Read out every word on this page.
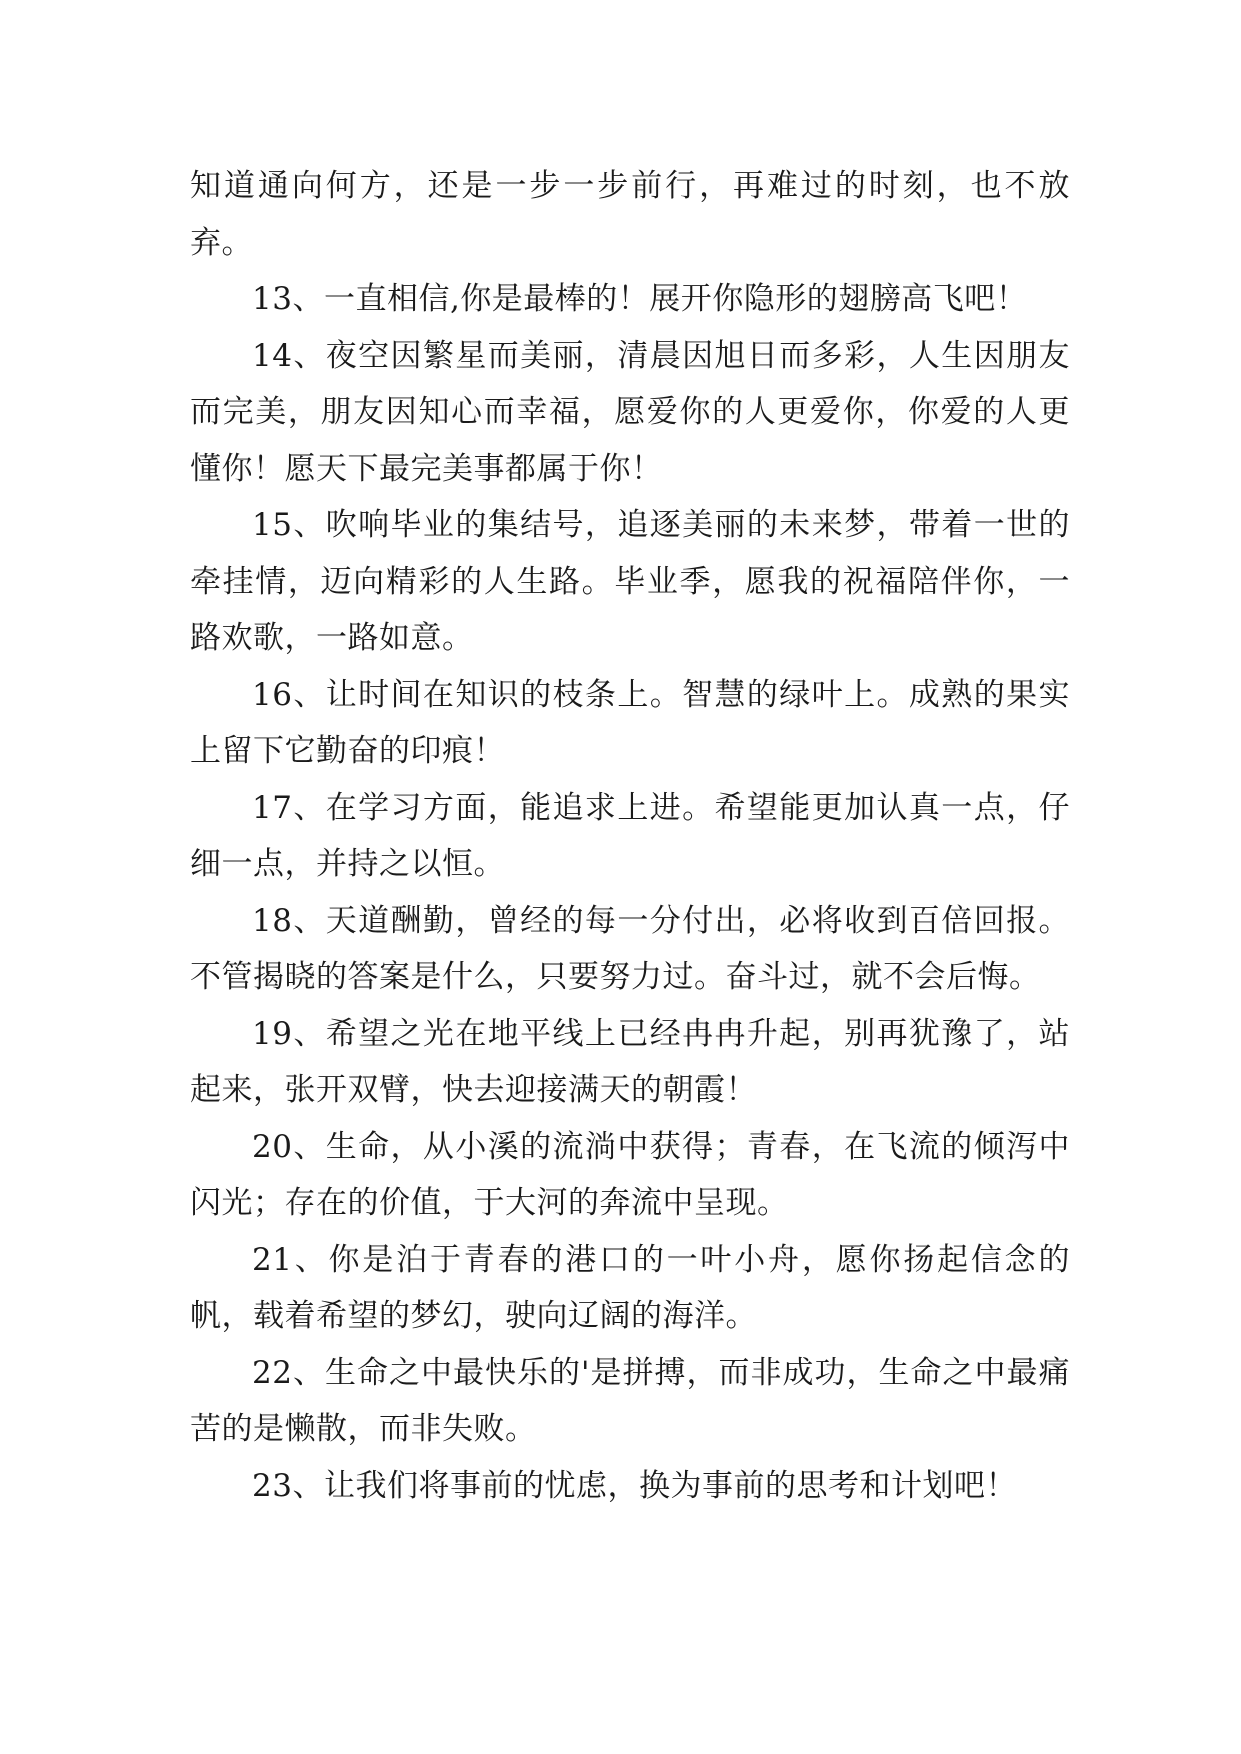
知道通向何方，还是一步一步前行，再难过的时刻，也不放弃。

13、一直相信,你是最棒的！展开你隐形的翅膀高飞吧！

14、夜空因繁星而美丽，清晨因旭日而多彩，人生因朋友而完美，朋友因知心而幸福，愿爱你的人更爱你，你爱的人更懂你！愿天下最完美事都属于你！

15、吹响毕业的集结号，追逐美丽的未来梦，带着一世的牵挂情，迈向精彩的人生路。毕业季，愿我的祝福陪伴你，一路欢歌，一路如意。

16、让时间在知识的枝条上。智慧的绿叶上。成熟的果实上留下它勤奋的印痕！

17、在学习方面，能追求上进。希望能更加认真一点，仔细一点，并持之以恒。

18、天道酬勤，曾经的每一分付出，必将收到百倍回报。不管揭晓的答案是什么，只要努力过。奋斗过，就不会后悔。

19、希望之光在地平线上已经冉冉升起，别再犹豫了，站起来，张开双臂，快去迎接满天的朝霞！

20、生命，从小溪的流淌中获得；青春，在飞流的倾泻中闪光；存在的价值，于大河的奔流中呈现。

21、你是泊于青春的港口的一叶小舟，愿你扬起信念的帆，载着希望的梦幻，驶向辽阔的海洋。

22、生命之中最快乐的'是拼搏，而非成功，生命之中最痛苦的是懒散，而非失败。

23、让我们将事前的忧虑，换为事前的思考和计划吧！
